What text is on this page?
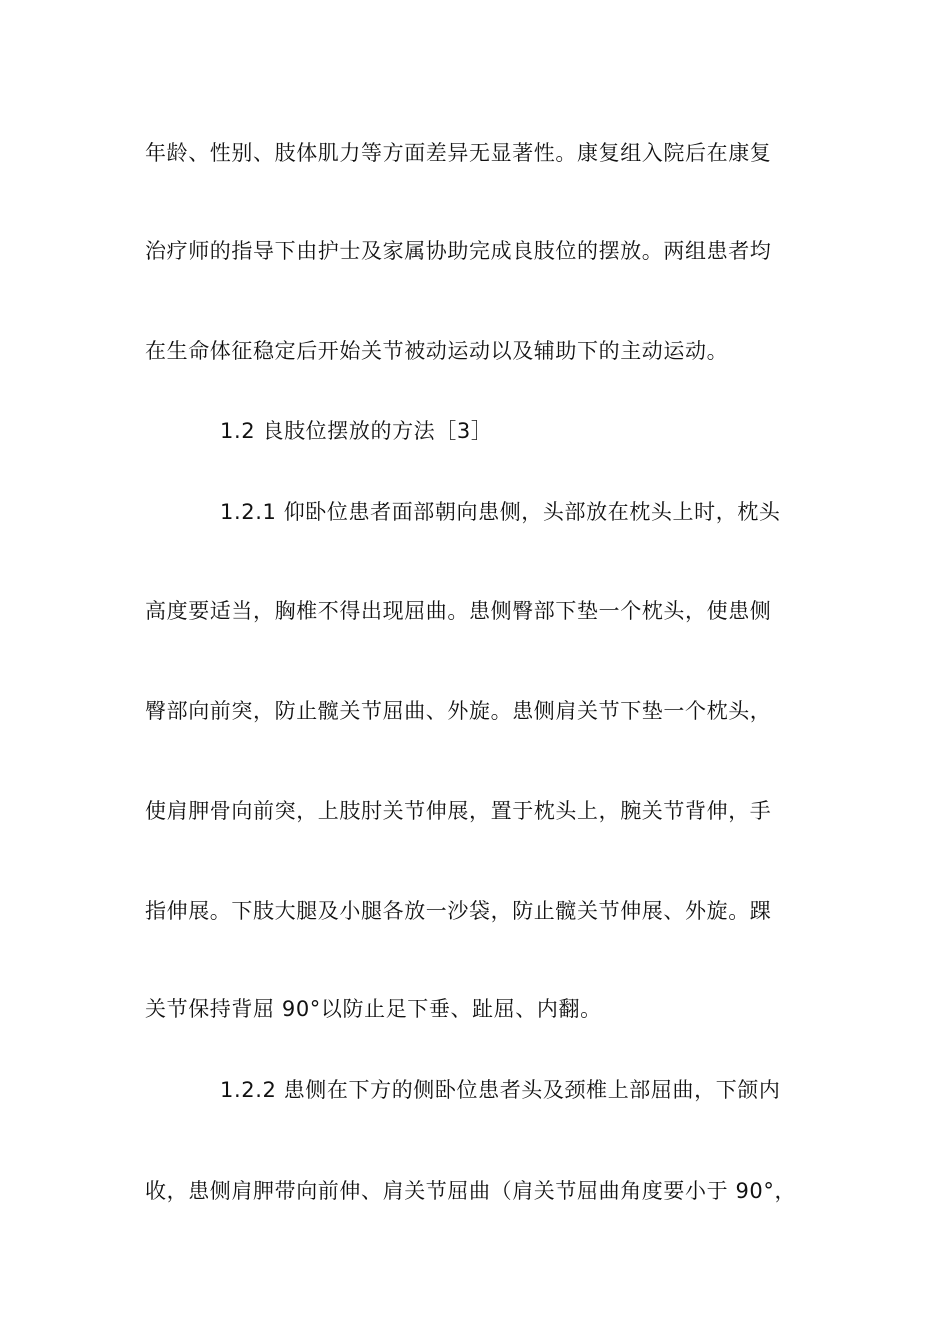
年龄、性别、肢体肌力等方面差异无显著性。康复组入院后在康复
治疗师的指导下由护士及家属协助完成良肢位的摆放。两组患者均
在生命体征稳定后开始关节被动运动以及辅助下的主动运动。
1.2 良肢位摆放的方法［3］
1.2.1 仰卧位患者面部朝向患侧，头部放在枕头上时，枕头
高度要适当，胸椎不得出现屈曲。患侧臀部下垫一个枕头，使患侧
臀部向前突，防止髋关节屈曲、外旋。患侧肩关节下垫一个枕头，
使肩胛骨向前突，上肢肘关节伸展，置于枕头上，腕关节背伸，手
指伸展。下肢大腿及小腿各放一沙袋，防止髋关节伸展、外旋。踝
关节保持背屈 90°以防止足下垂、趾屈、内翻。
1.2.2 患侧在下方的侧卧位患者头及颈椎上部屈曲，下颌内
收，患侧肩胛带向前伸、肩关节屈曲（肩关节屈曲角度要小于 90°，
